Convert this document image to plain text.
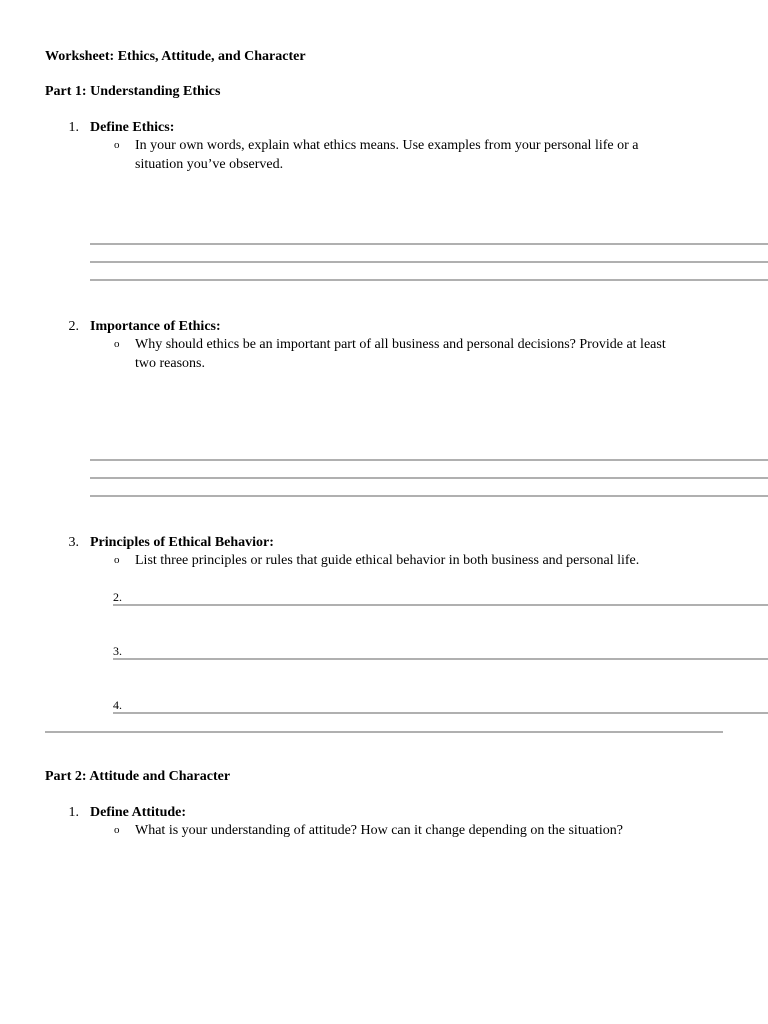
Worksheet: Ethics, Attitude, and Character
Part 1: Understanding Ethics
1. Define Ethics:
o In your own words, explain what ethics means. Use examples from your personal life or a
situation you’ve observed.
2. Importance of Ethics:
o Why should ethics be an important part of all business and personal decisions? Provide at least
two reasons.
3. Principles of Ethical Behavior:
o List three principles or rules that guide ethical behavior in both business and personal life.
2.
3.
4.
Part 2: Attitude and Character
1. Define Attitude:
o What is your understanding of attitude? How can it change depending on the situation?
